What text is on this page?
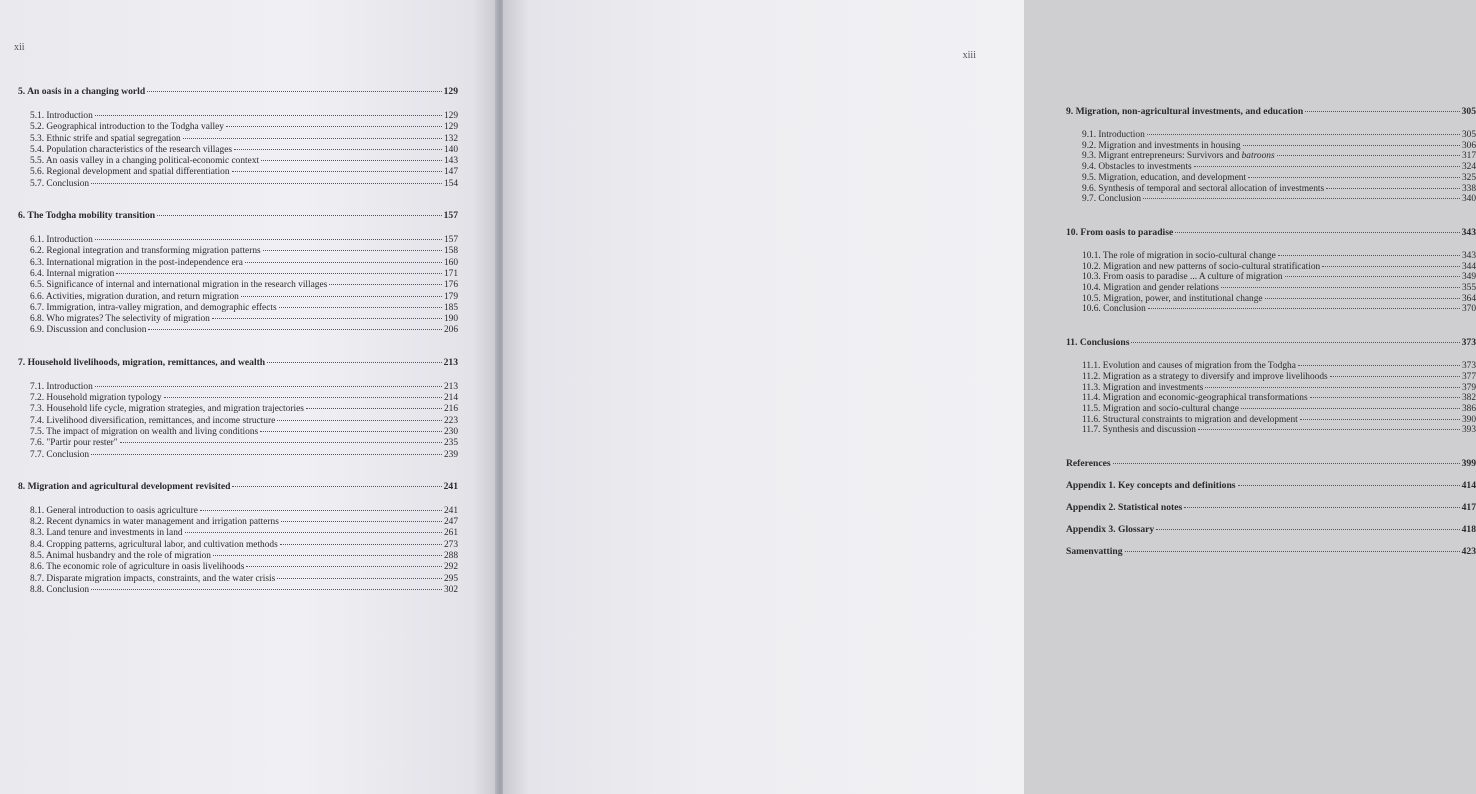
xii
5. An oasis in a changing world	129
5.1. Introduction	129
5.2. Geographical introduction to the Todgha valley	129
5.3. Ethnic strife and spatial segregation	132
5.4. Population characteristics of the research villages	140
5.5. An oasis valley in a changing political-economic context	143
5.6. Regional development and spatial differentiation	147
5.7. Conclusion	154
6. The Todgha mobility transition	157
6.1. Introduction	157
6.2. Regional integration and transforming migration patterns	158
6.3. International migration in the post-independence era	160
6.4. Internal migration	171
6.5. Significance of internal and international migration in the research villages	176
6.6. Activities, migration duration, and return migration	179
6.7. Immigration, intra-valley migration, and demographic effects	185
6.8. Who migrates? The selectivity of migration	190
6.9. Discussion and conclusion	206
7. Household livelihoods, migration, remittances, and wealth	213
7.1. Introduction	213
7.2. Household migration typology	214
7.3. Household life cycle, migration strategies, and migration trajectories	216
7.4. Livelihood diversification, remittances, and income structure	223
7.5. The impact of migration on wealth and living conditions	230
7.6. "Partir pour rester"	235
7.7. Conclusion	239
8. Migration and agricultural development revisited	241
8.1. General introduction to oasis agriculture	241
8.2. Recent dynamics in water management and irrigation patterns	247
8.3. Land tenure and investments in land	261
8.4. Cropping patterns, agricultural labor, and cultivation methods	273
8.5. Animal husbandry and the role of migration	288
8.6. The economic role of agriculture in oasis livelihoods	292
8.7. Disparate migration impacts, constraints, and the water crisis	295
8.8. Conclusion	302
xiii
9. Migration, non-agricultural investments, and education	305
9.1. Introduction	305
9.2. Migration and investments in housing	306
9.3. Migrant entrepreneurs: Survivors and batroons	317
9.4. Obstacles to investments	324
9.5. Migration, education, and development	325
9.6. Synthesis of temporal and sectoral allocation of investments	338
9.7. Conclusion	340
10. From oasis to paradise	343
10.1. The role of migration in socio-cultural change	343
10.2. Migration and new patterns of socio-cultural stratification	344
10.3. From oasis to paradise ... A culture of migration	349
10.4. Migration and gender relations	355
10.5. Migration, power, and institutional change	364
10.6. Conclusion	370
11. Conclusions	373
11.1. Evolution and causes of migration from the Todgha	373
11.2. Migration as a strategy to diversify and improve livelihoods	377
11.3. Migration and investments	379
11.4. Migration and economic-geographical transformations	382
11.5. Migration and socio-cultural change	386
11.6. Structural constraints to migration and development	390
11.7. Synthesis and discussion	393
References	399
Appendix 1. Key concepts and definitions	414
Appendix 2. Statistical notes	417
Appendix 3. Glossary	418
Samenvatting	423
